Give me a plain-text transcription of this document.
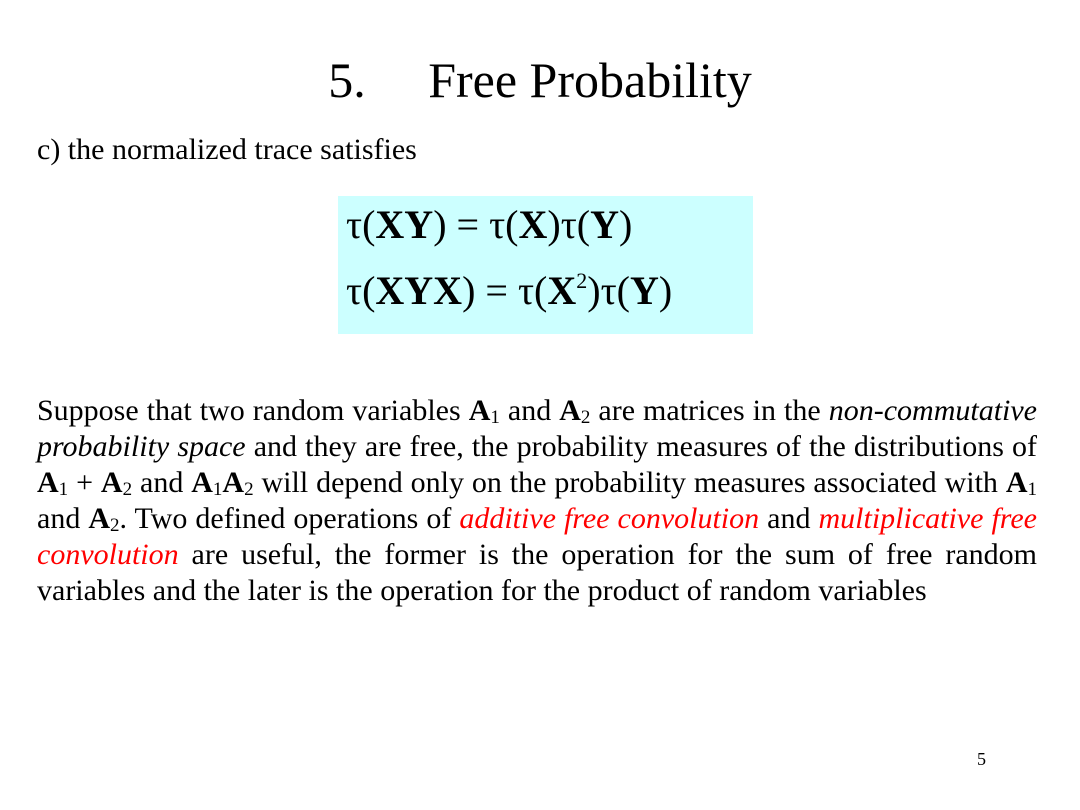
5.     Free Probability
c) the normalized trace satisfies
τ(XY) = τ(X)τ(Y)
$\tau(XYX) = \tau(X^2)\tau(Y)$
Suppose that two random variables $A_1$ and $A_2$ are matrices in the non-commutative probability space and they are free, the probability measures of the distributions of $A_1 + A_2$ and $A_1A_2$ will depend only on the probability measures associated with $A_1$ and $A_2$. Two defined operations of additive free convolution and multiplicative free convolution are useful, the former is the operation for the sum of free random variables and the later is the operation for the product of random variables
5
